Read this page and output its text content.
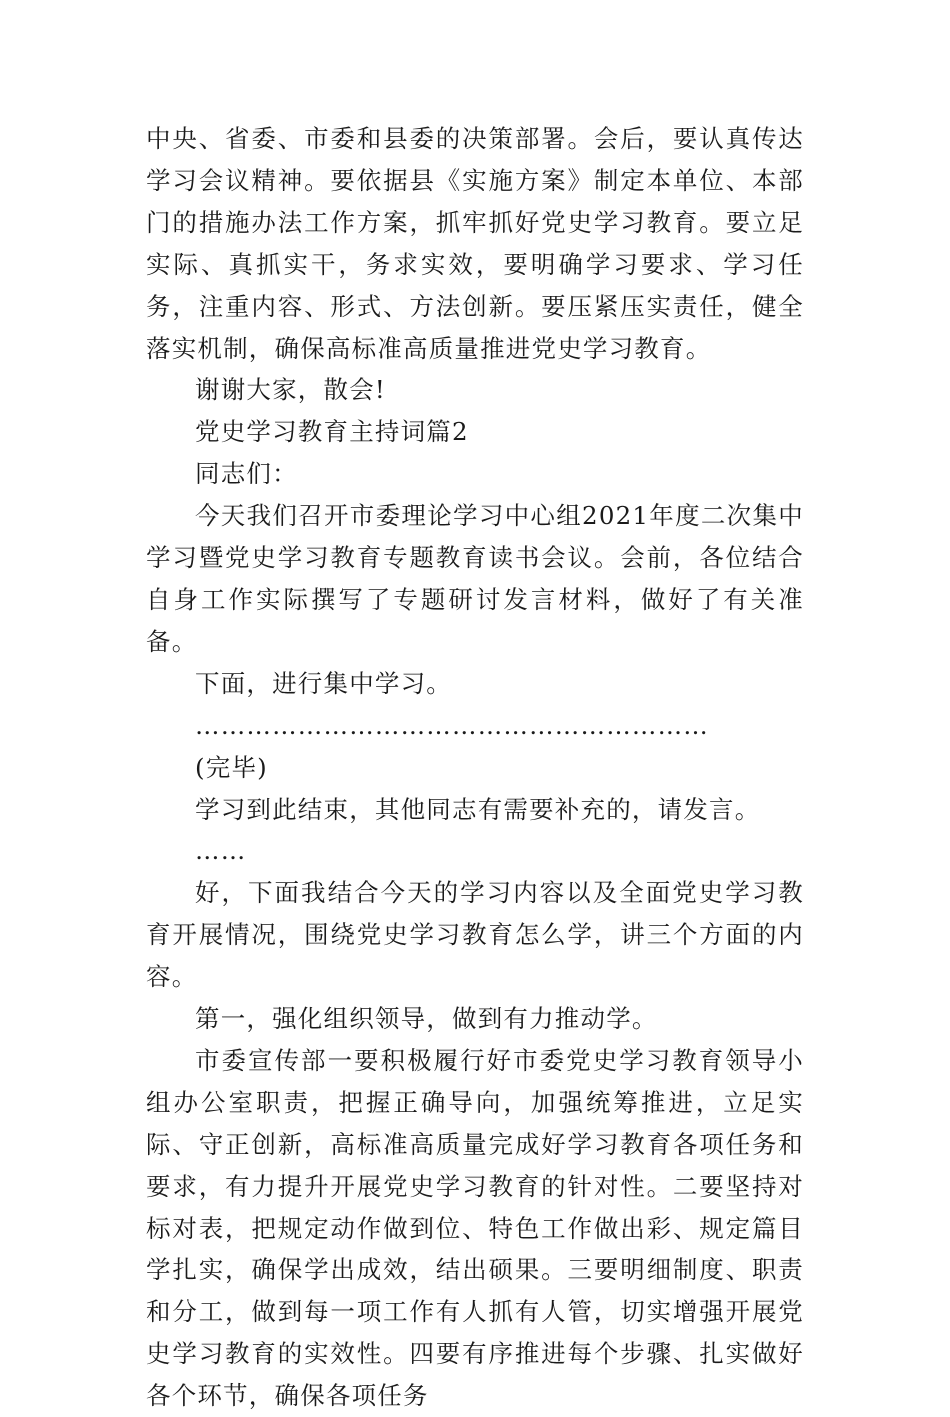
中央、省委、市委和县委的决策部署。会后，要认真传达学习会议精神。要依据县《实施方案》制定本单位、本部门的措施办法工作方案，抓牢抓好党史学习教育。要立足实际、真抓实干，务求实效，要明确学习要求、学习任务，注重内容、形式、方法创新。要压紧压实责任，健全落实机制，确保高标准高质量推进党史学习教育。

谢谢大家，散会!

党史学习教育主持词篇2

同志们：

今天我们召开市委理论学习中心组2021年度二次集中学习暨党史学习教育专题教育读书会议。会前，各位结合自身工作实际撰写了专题研讨发言材料，做好了有关准备。

下面，进行集中学习。

……………………………………………………

(完毕)

学习到此结束，其他同志有需要补充的，请发言。

……

好，下面我结合今天的学习内容以及全面党史学习教育开展情况，围绕党史学习教育怎么学，讲三个方面的内容。

第一，强化组织领导，做到有力推动学。

市委宣传部一要积极履行好市委党史学习教育领导小组办公室职责，把握正确导向，加强统筹推进，立足实际、守正创新，高标准高质量完成好学习教育各项任务和要求，有力提升开展党史学习教育的针对性。二要坚持对标对表，把规定动作做到位、特色工作做出彩、规定篇目学扎实，确保学出成效，结出硕果。三要明细制度、职责和分工，做到每一项工作有人抓有人管，切实增强开展党史学习教育的实效性。四要有序推进每个步骤、扎实做好各个环节，确保各项任务
